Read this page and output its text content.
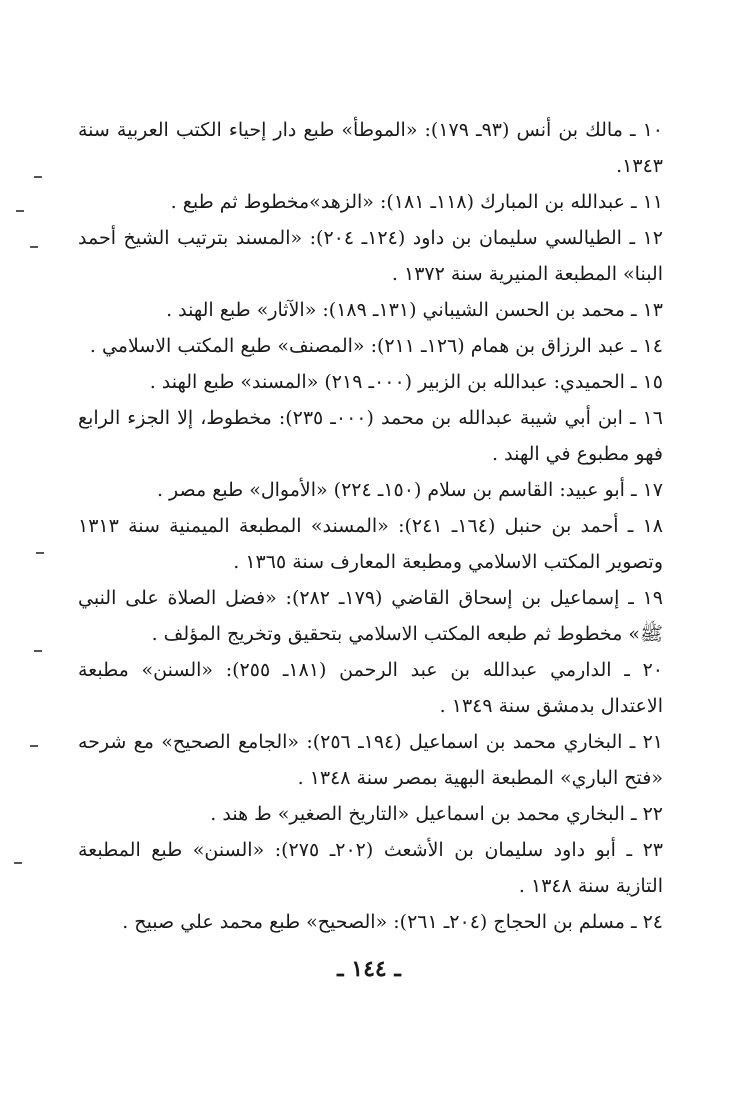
١٠ ـ مالك بن أنس (٩٣ـ ١٧٩): «الموطأ» طبع دار إحياء الكتب العربية سنة ١٣٤٣.

١١ ـ عبدالله بن المبارك (١١٨ـ ١٨١): «الزهد»مخطوط ثم طبع .

١٢ ـ الطيالسي سليمان بن داود (١٢٤ـ ٢٠٤): «المسند بترتيب الشيخ أحمد البنا» المطبعة المنيرية سنة ١٣٧٢ .

١٣ ـ محمد بن الحسن الشيباني (١٣١ـ ١٨٩): «الآثار» طبع الهند .

١٤ ـ عبد الرزاق بن همام (١٢٦ـ ٢١١): «المصنف» طبع المكتب الاسلامي .

١٥ ـ الحميدي: عبدالله بن الزبير (٠٠٠ـ ٢١٩) «المسند» طبع الهند .

١٦ ـ ابن أبي شيبة عبدالله بن محمد (٠٠٠ـ ٢٣٥): مخطوط، إلا الجزء الرابع فهو مطبوع في الهند .

١٧ ـ أبو عبيد: القاسم بن سلام (١٥٠ـ ٢٢٤) «الأموال» طبع مصر .

١٨ ـ أحمد بن حنبل (١٦٤ـ ٢٤١): «المسند» المطبعة الميمنية سنة ١٣١٣ وتصوير المكتب الاسلامي ومطبعة المعارف سنة ١٣٦٥ .

١٩ ـ إسماعيل بن إسحاق القاضي (١٧٩ـ ٢٨٢): «فضل الصلاة على النبي ﷺ» مخطوط ثم طبعه المكتب الاسلامي بتحقيق وتخريج المؤلف .

٢٠ ـ الدارمي عبدالله بن عبد الرحمن (١٨١ـ ٢٥٥): «السنن» مطبعة الاعتدال بدمشق سنة ١٣٤٩ .

٢١ ـ البخاري محمد بن اسماعيل (١٩٤ـ ٢٥٦): «الجامع الصحيح» مع شرحه «فتح الباري» المطبعة البهية بمصر سنة ١٣٤٨ .

٢٢ ـ البخاري محمد بن اسماعيل «التاريخ الصغير» ط هند .

٢٣ ـ أبو داود سليمان بن الأشعث (٢٠٢ـ ٢٧٥): «السنن» طبع المطبعة التازية سنة ١٣٤٨ .

٢٤ ـ مسلم بن الحجاج (٢٠٤ـ ٢٦١): «الصحيح» طبع محمد علي صبيح .

ـ ١٤٤ ـ
